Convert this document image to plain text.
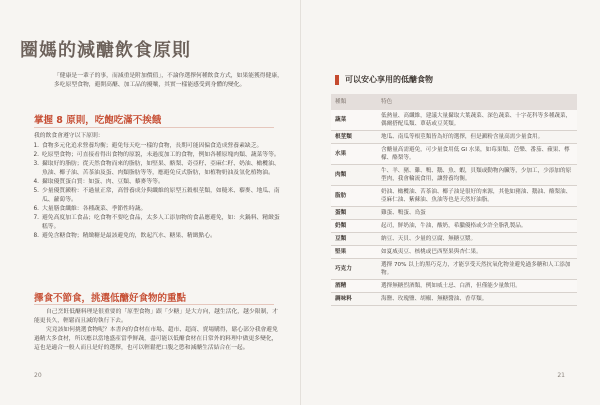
圈媽的減醣飲食原則
「健康是一輩子的事，而減重是附加價值」，不論你選擇何種飲食方式，如果能獲得健康，多吃原型食物，避開高醣、加工品的擾嚷，其實一樣能感受到身體的變化。
掌握 8 原則，吃飽吃滿不挨餓
我的飲食會遵守以下原則：
1. 食物多元化追求營養均衡；避免每天吃一樣的食物，長期可能因偏食造成營養素缺乏。
2. 吃原型食物；可直接看得出食物的原貌，未過度加工的食物，例如各種原塊肉類、蔬菜等等。
3. 攝取好的脂肪；從天然食物而來的脂肪，如堅果、酪梨、奇亞籽、亞麻仁籽、奶油、橄欖油、魚油、椰子油、苦茶油及蛋、肉類脂肪等等，應避免反式脂肪，如植物奶油及氫化植物油。
4. 攝取優質蛋白質：如蛋、肉、豆類、藜麥等等。
5. 少量優質澱粉：不過量正常，高營養成分與纖維的原型五穀根莖類，如糙米、藜麥、地瓜、南瓜、蘿蔔等。
6. 大量膳食纖維：各種蔬菜、季節性時蔬。
7. 避免高度加工食品；吃食物不要吃食品，太多人工添加物的食品應避免，如：火鍋料、精緻蛋糕等。
8. 避免含糖食物；精緻糖是最該避免的，飲起汽水、糖果、精緻點心。
擇食不節食，挑選低醣好食物的重點

自己烹飪低醣料理是很重要的「原型食物」跟「少糖」是大方向，越生活化，越少限制，才能更長久，輕鬆而且減的執行下去。

究竟該如何挑選食物呢？本書內的食材在市場、超市、超商、賣場購得，鬆心部分我會避免過精大多食材，所以應以當地盛產當季鮮蔬，盡可能以低醣食材在日常外的料理中做更多變化，這也是適合一般人而且是好的選擇，也可以輕鬆把口腹之慾和減醣生活結合在一起。

20
可以安心享用的低醣食物
種類	特色
蔬菜	低熱量、高纖維，建議大量攝取大葉蔬菜、深色蔬菜、十字花科等多種蔬菜，偶爾搭配瓜類、蕈菇或豆荚類。
根莖類	地瓜、南瓜等根莖類皆為好的選擇，但是澱粉含量高需少量食用。
水果	含醣量高需避免，可少量食用低 GI 水果，如莓果類、芭樂、番茄、蘋果、檸檬、酪梨等。
肉類	牛、羊、豬、雞、鴨、鵝、魚、蝦，貝類或動物內臟等，少加工，少添加的原型肉，我會輪流食用，讓營養均衡。
脂肪	奶油、橄欖油、苦茶油、椰子油是很好的來源，其他如豬油、鵝油、酪梨油、亞麻仁油、紫蘇油、魚油等也是天然好油脂。
蛋類	雞蛋、鴨蛋、鳥蛋
奶類	起司，鮮奶油，牛油，酸奶，希臘優格或少許全脂乳製品。
豆類	納豆、天貝、少量的豆腐、無糖豆漿。
堅果	如夏威夷豆、核桃或巴西堅果與杏仁果。
巧克力	選擇 70% 以上的黑巧克力，才能享受天然抗氧化物並避免過多糖和人工添加物。
酒精	選擇無糖烈酒類，例如威士忌、白酒，但僅能少量飲用。
調味料	海鹽、玫瑰鹽、胡椒、無糖醬油、香草類。
21
